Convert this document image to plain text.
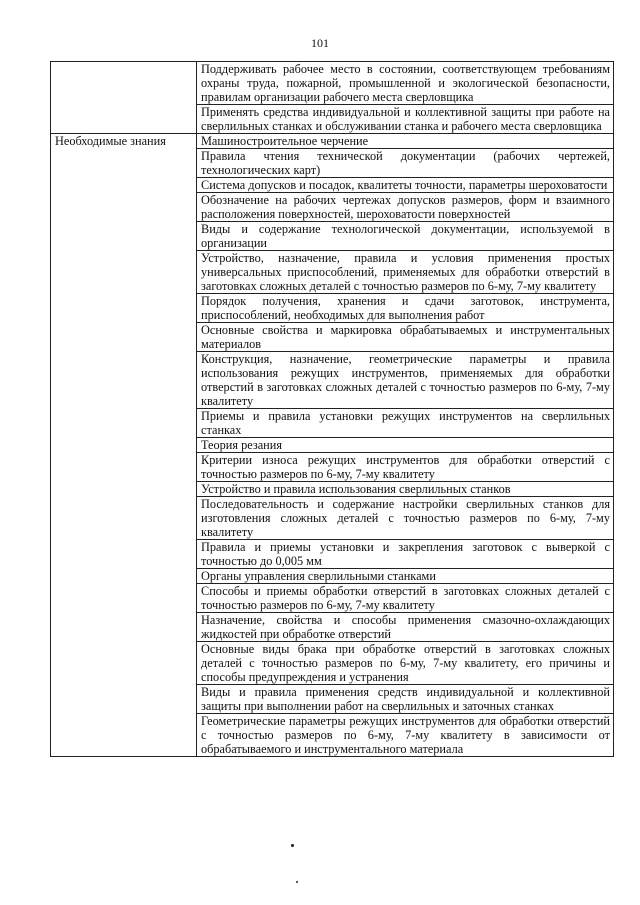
101
	Поддерживать рабочее место в состоянии, соответствующем требованиям охраны труда, пожарной, промышленной и экологической безопасности, правилам организации рабочего места сверловщика
	Применять средства индивидуальной и коллективной защиты при работе на сверлильных станках и обслуживании станка и рабочего места сверловщика
Необходимые знания	Машиностроительное черчение
	Правила чтения технической документации (рабочих чертежей, технологических карт)
	Система допусков и посадок, квалитеты точности, параметры шероховатости
	Обозначение на рабочих чертежах допусков размеров, форм и взаимного расположения поверхностей, шероховатости поверхностей
	Виды и содержание технологической документации, используемой в организации
	Устройство, назначение, правила и условия применения простых универсальных приспособлений, применяемых для обработки отверстий в заготовках сложных деталей с точностью размеров по 6-му, 7-му квалитету
	Порядок получения, хранения и сдачи заготовок, инструмента, приспособлений, необходимых для выполнения работ
	Основные свойства и маркировка обрабатываемых и инструментальных материалов
	Конструкция, назначение, геометрические параметры и правила использования режущих инструментов, применяемых для обработки отверстий в заготовках сложных деталей с точностью размеров по 6-му, 7-му квалитету
	Приемы и правила установки режущих инструментов на сверлильных станках
	Теория резания
	Критерии износа режущих инструментов для обработки отверстий с точностью размеров по 6-му, 7-му квалитету
	Устройство и правила использования сверлильных станков
	Последовательность и содержание настройки сверлильных станков для изготовления сложных деталей с точностью размеров по 6-му, 7-му квалитету
	Правила и приемы установки и закрепления заготовок с выверкой с точностью до 0,005 мм
	Органы управления сверлильными станками
	Способы и приемы обработки отверстий в заготовках сложных деталей с точностью размеров по 6-му, 7-му квалитету
	Назначение, свойства и способы применения смазочно-охлаждающих жидкостей при обработке отверстий
	Основные виды брака при обработке отверстий в заготовках сложных деталей с точностью размеров по 6-му, 7-му квалитету, его причины и способы предупреждения и устранения
	Виды и правила применения средств индивидуальной и коллективной защиты при выполнении работ на сверлильных и заточных станках
	Геометрические параметры режущих инструментов для обработки отверстий с точностью размеров по 6-му, 7-му квалитету в зависимости от обрабатываемого и инструментального материала
